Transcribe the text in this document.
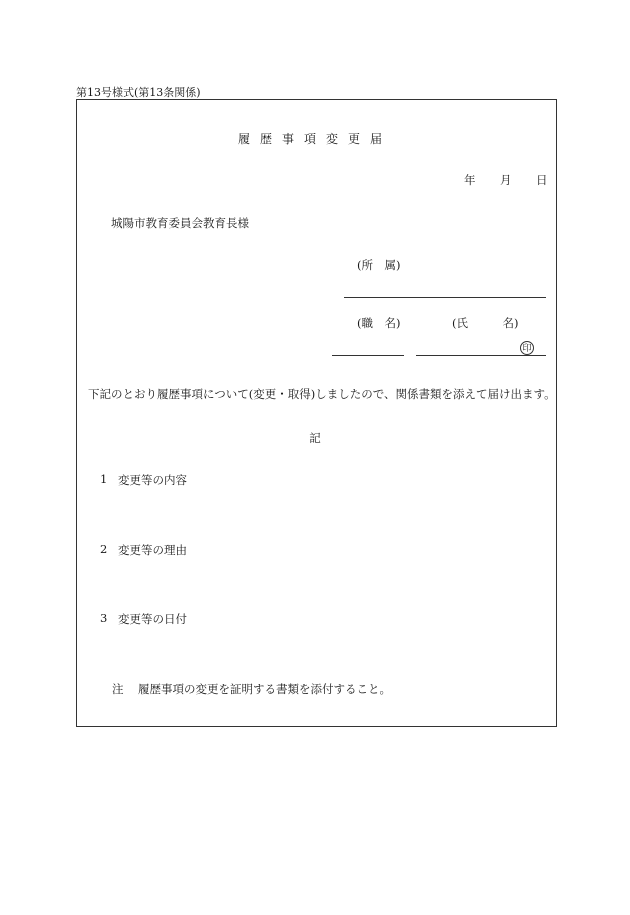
第13号様式(第13条関係)
履歴事項変更届
年 月 日
城陽市教育委員会教育長様
(所　属)
(職　名)	(氏　　　名)
印
下記のとおり履歴事項について(変更・取得)しましたので、関係書類を添えて届け出ます。
記
1 変更等の内容
2 変更等の理由
3 変更等の日付
注 履歴事項の変更を証明する書類を添付すること。
